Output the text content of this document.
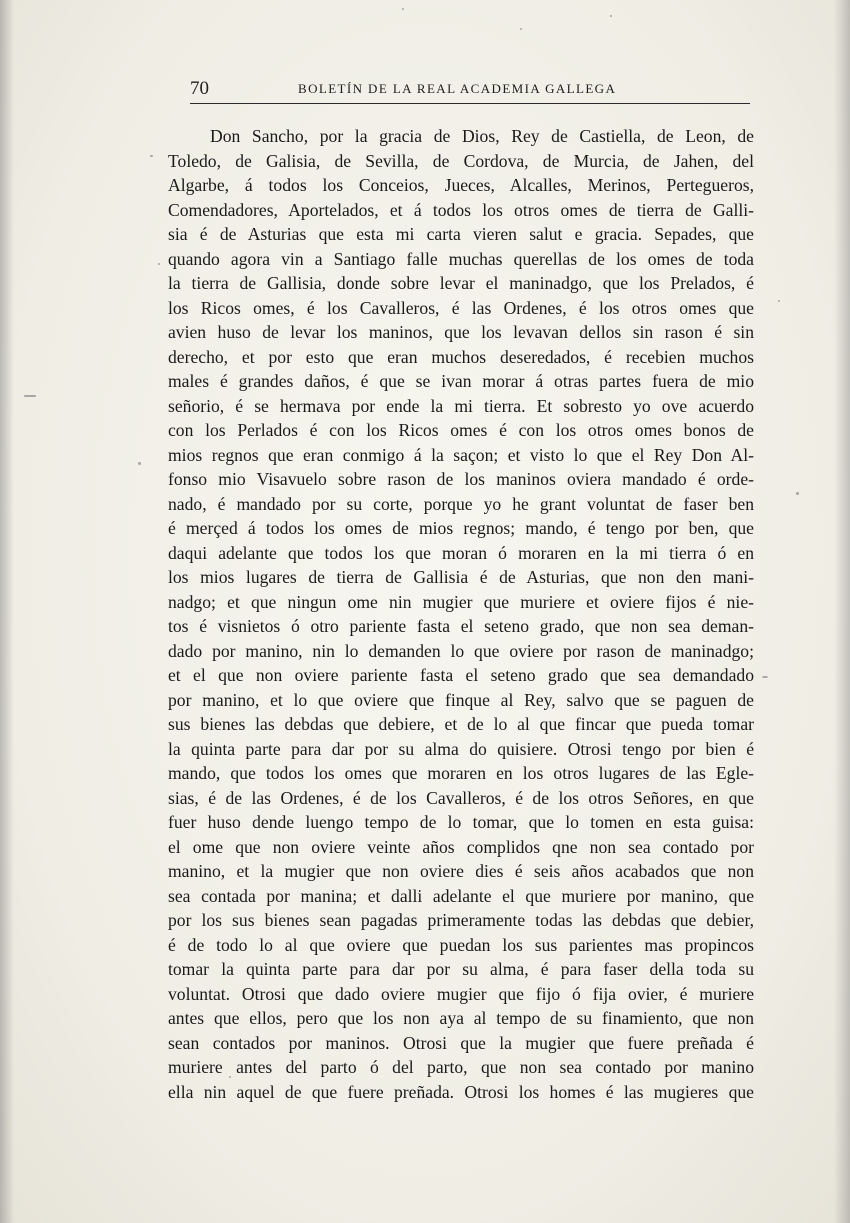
70	BOLETÍN DE LA REAL ACADEMIA GALLEGA
Don Sancho, por la gracia de Dios, Rey de Castiella, de Leon, de
Toledo, de Galisia, de Sevilla, de Cordova, de Murcia, de Jahen, del
Algarbe, á todos los Conceios, Jueces, Alcalles, Merinos, Pertegueros,
Comendadores, Aportelados, et á todos los otros omes de tierra de Galli-
sia é de Asturias que esta mi carta vieren salut e gracia. Sepades, que
quando agora vin a Santiago falle muchas querellas de los omes de toda
la tierra de Gallisia, donde sobre levar el maninadgo, que los Prelados, é
los Ricos omes, é los Cavalleros, é las Ordenes, é los otros omes que
avien huso de levar los maninos, que los levavan dellos sin rason é sin
derecho, et por esto que eran muchos deseredados, é recebien muchos
males é grandes daños, é que se ivan morar á otras partes fuera de mio
señorio, é se hermava por ende la mi tierra. Et sobresto yo ove acuerdo
con los Perlados é con los Ricos omes é con los otros omes bonos de
mios regnos que eran conmigo á la saçon; et visto lo que el Rey Don Al-
fonso mio Visavuelo sobre rason de los maninos oviera mandado é orde-
nado, é mandado por su corte, porque yo he grant voluntat de faser ben
é merçed á todos los omes de mios regnos; mando, é tengo por ben, que
daqui adelante que todos los que moran ó moraren en la mi tierra ó en
los mios lugares de tierra de Gallisia é de Asturias, que non den mani-
nadgo; et que ningun ome nin mugier que muriere et oviere fijos é nie-
tos é visnietos ó otro pariente fasta el seteno grado, que non sea deman-
dado por manino, nin lo demanden lo que oviere por rason de maninadgo;
et el que non oviere pariente fasta el seteno grado que sea demandado
por manino, et lo que oviere que finque al Rey, salvo que se paguen de
sus bienes las debdas que debiere, et de lo al que fincar que pueda tomar
la quinta parte para dar por su alma do quisiere. Otrosi tengo por bien é
mando, que todos los omes que moraren en los otros lugares de las Egle-
sias, é de las Ordenes, é de los Cavalleros, é de los otros Señores, en que
fuer huso dende luengo tempo de lo tomar, que lo tomen en esta guisa:
el ome que non oviere veinte años complidos qne non sea contado por
manino, et la mugier que non oviere dies é seis años acabados que non
sea contada por manina; et dalli adelante el que muriere por manino, que
por los sus bienes sean pagadas primeramente todas las debdas que debier,
é de todo lo al que oviere que puedan los sus parientes mas propincos
tomar la quinta parte para dar por su alma, é para faser della toda su
voluntat. Otrosi que dado oviere mugier que fijo ó fija ovier, é muriere
antes que ellos, pero que los non aya al tempo de su finamiento, que non
sean contados por maninos. Otrosi que la mugier que fuere preñada é
muriere antes del parto ó del parto, que non sea contado por manino
ella nin aquel de que fuere preñada. Otrosi los homes é las mugieres que
